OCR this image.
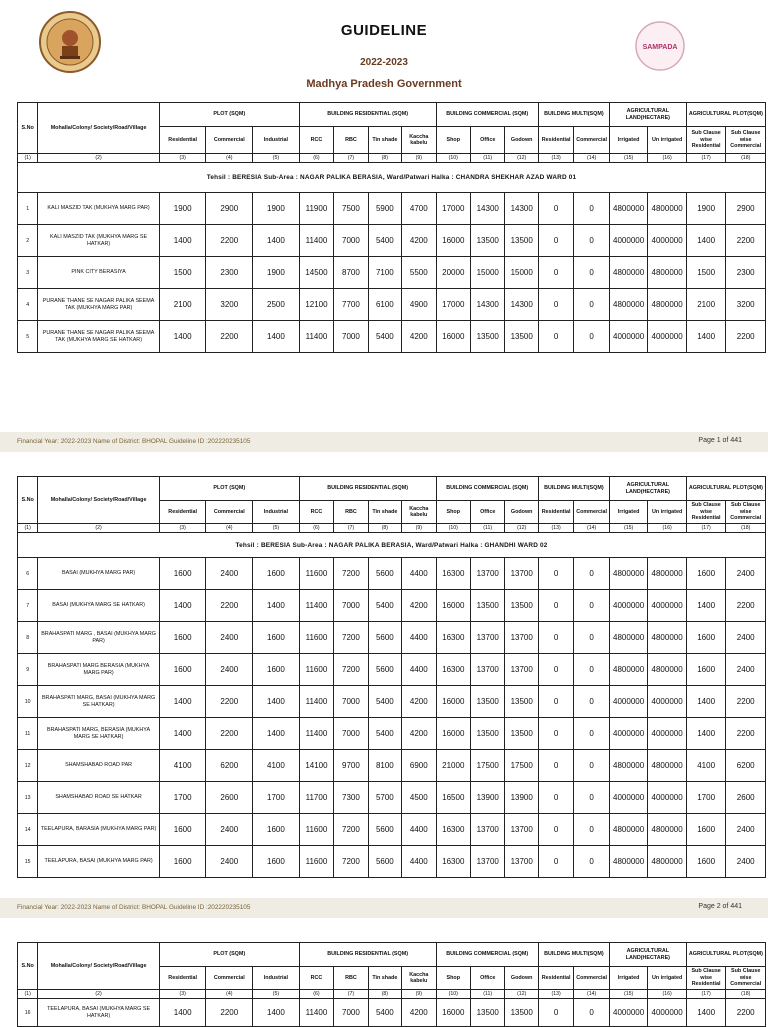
GUIDELINE
2022-2023
Madhya Pradesh Government
SAMPADA
S.No	Mohalla/Colony/ Society/Road/Village	PLOT (SQM)			BUILDING RESIDENTIAL (SQM)				BUILDING COMMERCIAL (SQM)			BUILDING MULTI(SQM)		AGRICULTURAL LAND(HECTARE)		AGRICULTURAL PLOT(SQM)	
		Residential	Commercial	Industrial	RCC	RBC	Tin shade	Kaccha kabelu	Shop	Office	Godown	Residential	Commercial	Irrigated	Un irrigated	Sub Clause wise Residential	Sub Clause wise Commercial
(1)	(2)	(3)	(4)	(5)	(6)	(7)	(8)	(9)	(10)	(11)	(12)	(13)	(14)	(15)	(16)	(17)	(18)
Tehsil : BERESIA Sub-Area : NAGAR PALIKA BERASIA, Ward/Patwari Halka : CHANDRA SHEKHAR AZAD WARD 01																	
1	KALI MASZID TAK (MUKHYA MARG PAR)	1900	2900	1900	11900	7500	5900	4700	17000	14300	14300	0	0	4800000	4800000	1900	2900
2	KALI MASZID TAK (MUKHYA MARG SE HATKAR)	1400	2200	1400	11400	7000	5400	4200	16000	13500	13500	0	0	4000000	4000000	1400	2200
3	PINK CITY BERASIYA	1500	2300	1900	14500	8700	7100	5500	20000	15000	15000	0	0	4800000	4800000	1500	2300
4	PURANE THANE SE NAGAR PALIKA SEEMA TAK (MUKHYA MARG PAR)	2100	3200	2500	12100	7700	6100	4900	17000	14300	14300	0	0	4800000	4800000	2100	3200
5	PURANE THANE SE NAGAR PALIKA SEEMA TAK (MUKHYA MARG SE HATKAR)	1400	2200	1400	11400	7000	5400	4200	16000	13500	13500	0	0	4000000	4000000	1400	2200
Financial Year: 2022-2023 Name of District: BHOPAL Guideline ID :202220235105	Page 1 of 441
S.No	Mohalla/Colony/ Society/Road/Village	PLOT (SQM)			BUILDING RESIDENTIAL (SQM)				BUILDING COMMERCIAL (SQM)			BUILDING MULTI(SQM)		AGRICULTURAL LAND(HECTARE)		AGRICULTURAL PLOT(SQM)	
		Residential	Commercial	Industrial	RCC	RBC	Tin shade	Kaccha kabelu	Shop	Office	Godown	Residential	Commercial	Irrigated	Un irrigated	Sub Clause wise Residential	Sub Clause wise Commercial
(1)	(2)	(3)	(4)	(5)	(6)	(7)	(8)	(9)	(10)	(11)	(12)	(13)	(14)	(15)	(16)	(17)	(18)
Tehsil : BERESIA Sub-Area : NAGAR PALIKA BERASIA, Ward/Patwari Halka : GHANDHI WARD 02																	
6	BASAI (MUKHYA MARG PAR)	1600	2400	1600	11600	7200	5600	4400	16300	13700	13700	0	0	4800000	4800000	1600	2400
7	BASAI (MUKHYA MARG SE HATKAR)	1400	2200	1400	11400	7000	5400	4200	16000	13500	13500	0	0	4000000	4000000	1400	2200
8	BRAHASPATI MARG , BASAI (MUKHYA MARG PAR)	1600	2400	1600	11600	7200	5600	4400	16300	13700	13700	0	0	4800000	4800000	1600	2400
9	BRAHASPATI MARG BERASIA (MUKHYA MARG PAR)	1600	2400	1600	11600	7200	5600	4400	16300	13700	13700	0	0	4800000	4800000	1600	2400
10	BRAHASPATI MARG, BASAI (MUKHYA MARG SE HATKAR)	1400	2200	1400	11400	7000	5400	4200	16000	13500	13500	0	0	4000000	4000000	1400	2200
11	BRAHASPATI MARG, BERASIA (MUKHYA MARG SE HATKAR)	1400	2200	1400	11400	7000	5400	4200	16000	13500	13500	0	0	4000000	4000000	1400	2200
12	SHAMSHABAD ROAD PAR	4100	6200	4100	14100	9700	8100	6900	21000	17500	17500	0	0	4800000	4800000	4100	6200
13	SHAMSHABAD ROAD SE HATKAR	1700	2600	1700	11700	7300	5700	4500	16500	13900	13900	0	0	4000000	4000000	1700	2600
14	TEELAPURA, BARASIA (MUKHYA MARG PAR)	1600	2400	1600	11600	7200	5600	4400	16300	13700	13700	0	0	4800000	4800000	1600	2400
15	TEELAPURA, BASAI (MUKHYA MARG PAR)	1600	2400	1600	11600	7200	5600	4400	16300	13700	13700	0	0	4800000	4800000	1600	2400
Financial Year: 2022-2023 Name of District: BHOPAL Guideline ID :202220235105	Page 2 of 441
S.No	Mohalla/Colony/ Society/Road/Village	PLOT (SQM)			BUILDING RESIDENTIAL (SQM)				BUILDING COMMERCIAL (SQM)			BUILDING MULTI(SQM)		AGRICULTURAL LAND(HECTARE)		AGRICULTURAL PLOT(SQM)	
		Residential	Commercial	Industrial	RCC	RBC	Tin shade	Kaccha kabelu	Shop	Office	Godown	Residential	Commercial	Irrigated	Un irrigated	Sub Clause wise Residential	Sub Clause wise Commercial
(1)	(2)	(3)	(4)	(5)	(6)	(7)	(8)	(9)	(10)	(11)	(12)	(13)	(14)	(15)	(16)	(17)	(18)
16	TEELAPURA, BASAI (MUKHYA MARG SE HATKAR)	1400	2200	1400	11400	7000	5400	4200	16000	13500	13500	0	0	4000000	4000000	1400	2200
